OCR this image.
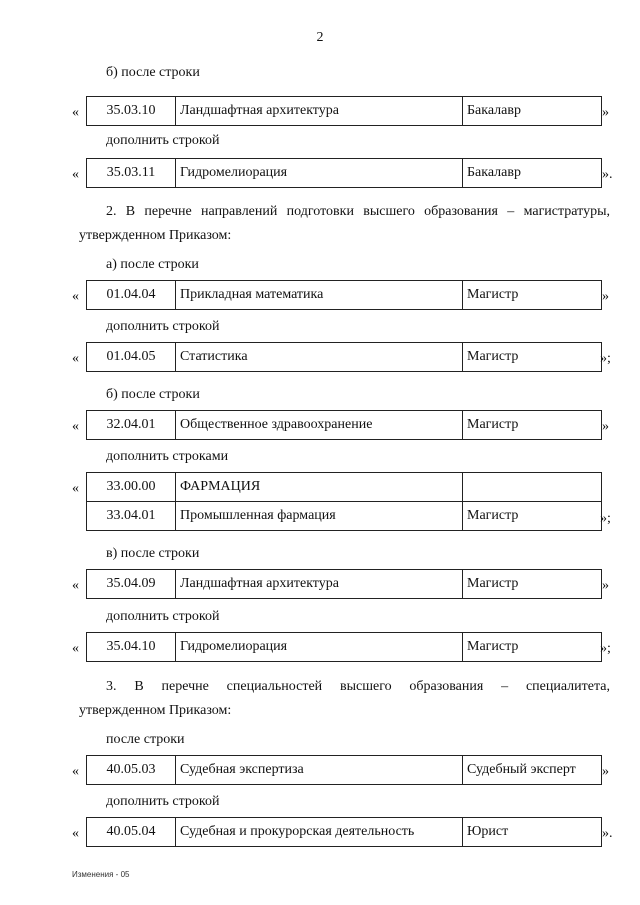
2
б) после строки
« 35.03.10	Ландшафтная архитектура	Бакалавр	»
дополнить строкой
« 35.03.11	Гидромелиорация	Бакалавр	».
2. В перечне направлений подготовки высшего образования – магистратуры,
утвержденном Приказом:
а) после строки
« 01.04.04	Прикладная математика	Магистр	»
дополнить строкой
« 01.04.05	Статистика	Магистр	»;
б) после строки
« 32.04.01	Общественное здравоохранение	Магистр	»
дополнить строками
« 33.00.00	ФАРМАЦИЯ	
33.04.01	Промышленная фармация	Магистр	»;
в) после строки
« 35.04.09	Ландшафтная архитектура	Магистр	»
дополнить строкой
« 35.04.10	Гидромелиорация	Магистр	»;
3. В перечне специальностей высшего образования – специалитета,
утвержденном Приказом:
после строки
« 40.05.03	Судебная экспертиза	Судебный эксперт »
дополнить строкой
« 40.05.04	Судебная и прокурорская деятельность	Юрист	».
Изменения - 05
